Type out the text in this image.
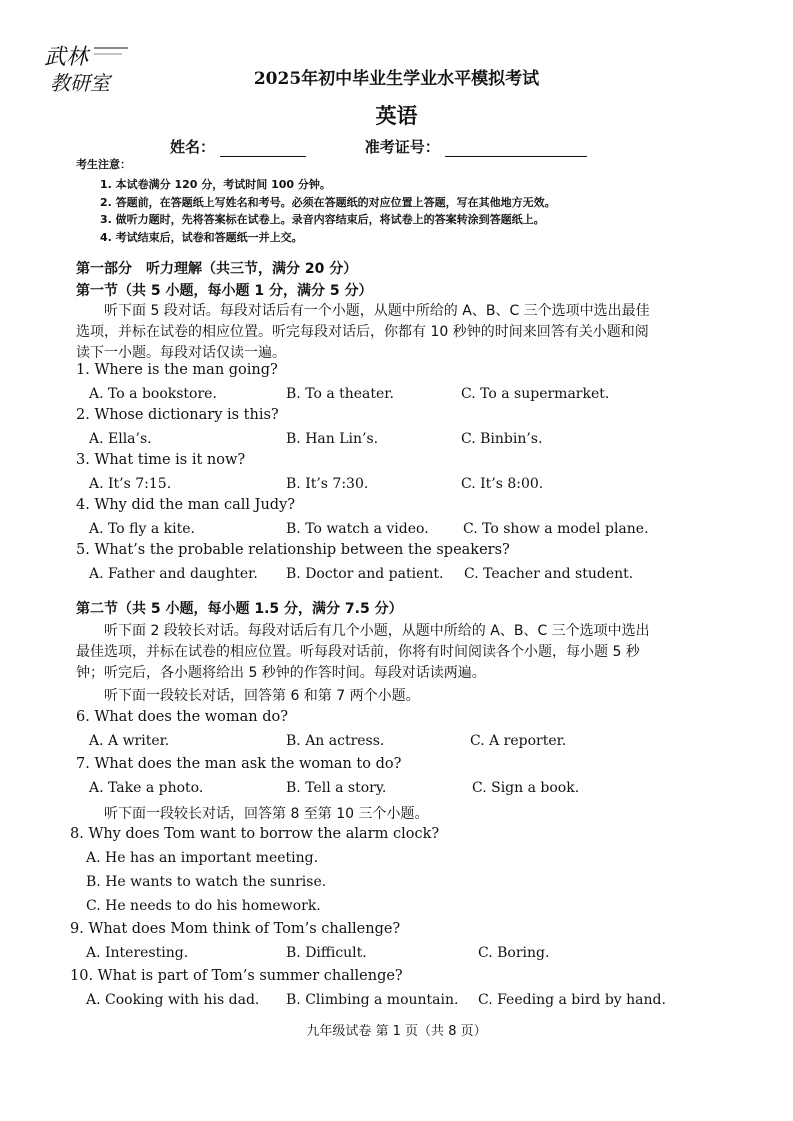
武林
教研室	2025年初中毕业生学业水平模拟考试
英语
姓名：	准考证号：
考生注意：
1. 本试卷满分 120 分，考试时间 100 分钟。
2. 答题前，在答题纸上写姓名和考号。必须在答题纸的对应位置上答题，写在其他地方无效。
3. 做听力题时，先将答案标在试卷上。录音内容结束后，将试卷上的答案转涂到答题纸上。
4. 考试结束后，试卷和答题纸一并上交。
第一部分　听力理解（共三节，满分 20 分）
第一节（共 5 小题，每小题 1 分，满分 5 分）
听下面 5 段对话。每段对话后有一个小题，从题中所给的 A、B、C 三个选项中选出最佳
选项，并标在试卷的相应位置。听完每段对话后，你都有 10 秒钟的时间来回答有关小题和阅
读下一小题。每段对话仅读一遍。
1. Where is the man going?
A. To a bookstore.	B. To a theater.	C. To a supermarket.
2. Whose dictionary is this?
A. Ella’s.	B. Han Lin’s.	C. Binbin’s.
3. What time is it now?
A. It’s 7:15.	B. It’s 7:30.	C. It’s 8:00.
4. Why did the man call Judy?
A. To fly a kite.	B. To watch a video. C. To show a model plane.
5. What’s the probable relationship between the speakers?
A. Father and daughter. B. Doctor and patient. C. Teacher and student.
第二节（共 5 小题，每小题 1.5 分，满分 7.5 分）
听下面 2 段较长对话。每段对话后有几个小题，从题中所给的 A、B、C 三个选项中选出
最佳选项，并标在试卷的相应位置。听每段对话前，你将有时间阅读各个小题，每小题 5 秒
钟；听完后，各小题将给出 5 秒钟的作答时间。每段对话读两遍。
听下面一段较长对话，回答第 6 和第 7 两个小题。
6. What does the woman do?
A. A writer.	B. An actress.	C. A reporter.
7. What does the man ask the woman to do?
A. Take a photo.	B. Tell a story.	C. Sign a book.
听下面一段较长对话，回答第 8 至第 10 三个小题。
8. Why does Tom want to borrow the alarm clock?
A. He has an important meeting.
B. He wants to watch the sunrise.
C. He needs to do his homework.
9. What does Mom think of Tom’s challenge?
A. Interesting.	B. Difficult.	C. Boring.
10. What is part of Tom’s summer challenge?
A. Cooking with his dad. B. Climbing a mountain. C. Feeding a bird by hand.
九年级试卷 第 1 页（共 8 页）
